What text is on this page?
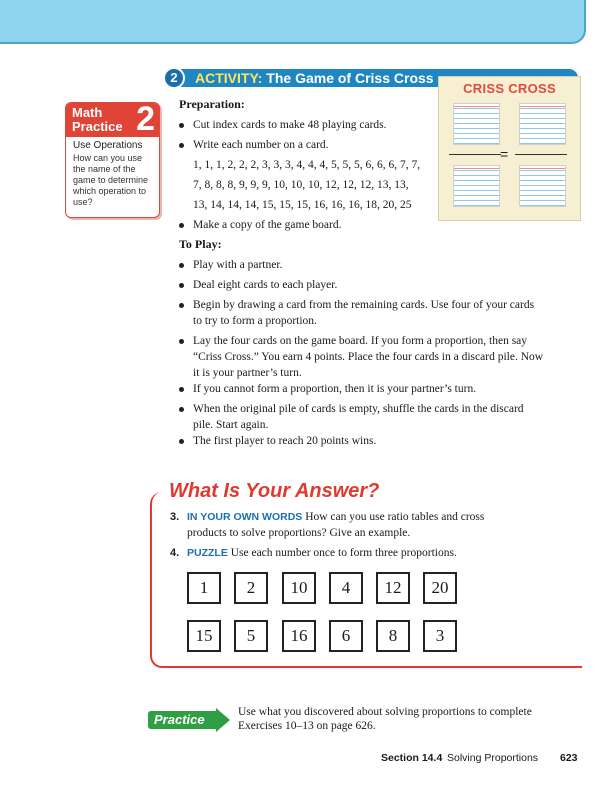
2	ACTIVITY: The Game of Criss Cross
Math
Practice 2
Use Operations
How can you use the name of the game to determine which operation to use?
CRISS CROSS
=
Preparation:
Cut index cards to make 48 playing cards.
Write each number on a card.
1, 1, 1, 2, 2, 2, 3, 3, 3, 4, 4, 4, 5, 5, 5, 6, 6, 6, 7, 7,
7, 8, 8, 8, 9, 9, 9, 10, 10, 10, 12, 12, 12, 13, 13,
13, 14, 14, 14, 15, 15, 15, 16, 16, 16, 18, 20, 25
Make a copy of the game board.
To Play:
Play with a partner.
Deal eight cards to each player.
Begin by drawing a card from the remaining cards. Use four of your cards
to try to form a proportion.
Lay the four cards on the game board. If you form a proportion, then say
“Criss Cross.” You earn 4 points. Place the four cards in a discard pile. Now
it is your partner’s turn.
If you cannot form a proportion, then it is your partner’s turn.
When the original pile of cards is empty, shuffle the cards in the discard
pile. Start again.
The first player to reach 20 points wins.
What Is Your Answer?
3. IN YOUR OWN WORDS How can you use ratio tables and cross
products to solve proportions? Give an example.
4. PUZZLE Use each number once to form three proportions.
1	2	10	4	12	20
15	5	16	6	8	3
Practice	Use what you discovered about solving proportions to complete
Exercises 10–13 on page 626.
Section 14.4 Solving Proportions 623
